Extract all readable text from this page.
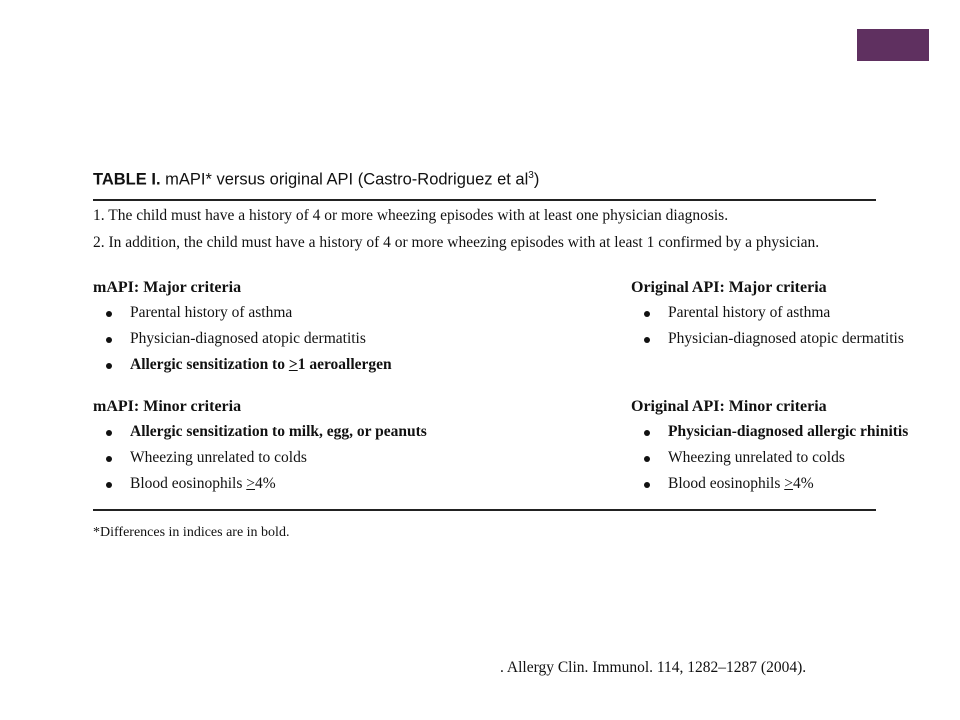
TABLE I. mAPI* versus original API (Castro-Rodriguez et $al^3$)
1. The child must have a history of 4 or more wheezing episodes with at least one physician diagnosis.
2. In addition, the child must have a history of 4 or more wheezing episodes with at least 1 confirmed by a physician.
mAPI: Major criteria
Parental history of asthma
Physician-diagnosed atopic dermatitis
Allergic sensitization to ≥1 aeroallergen
mAPI: Minor criteria
Allergic sensitization to milk, egg, or peanuts
Wheezing unrelated to colds
Blood eosinophils ≥4%
Original API: Major criteria
Parental history of asthma
Physician-diagnosed atopic dermatitis
Original API: Minor criteria
Physician-diagnosed allergic rhinitis
Wheezing unrelated to colds
Blood eosinophils ≥4%
*Differences in indices are in bold.
. Allergy Clin. Immunol. 114, 1282–1287 (2004).
